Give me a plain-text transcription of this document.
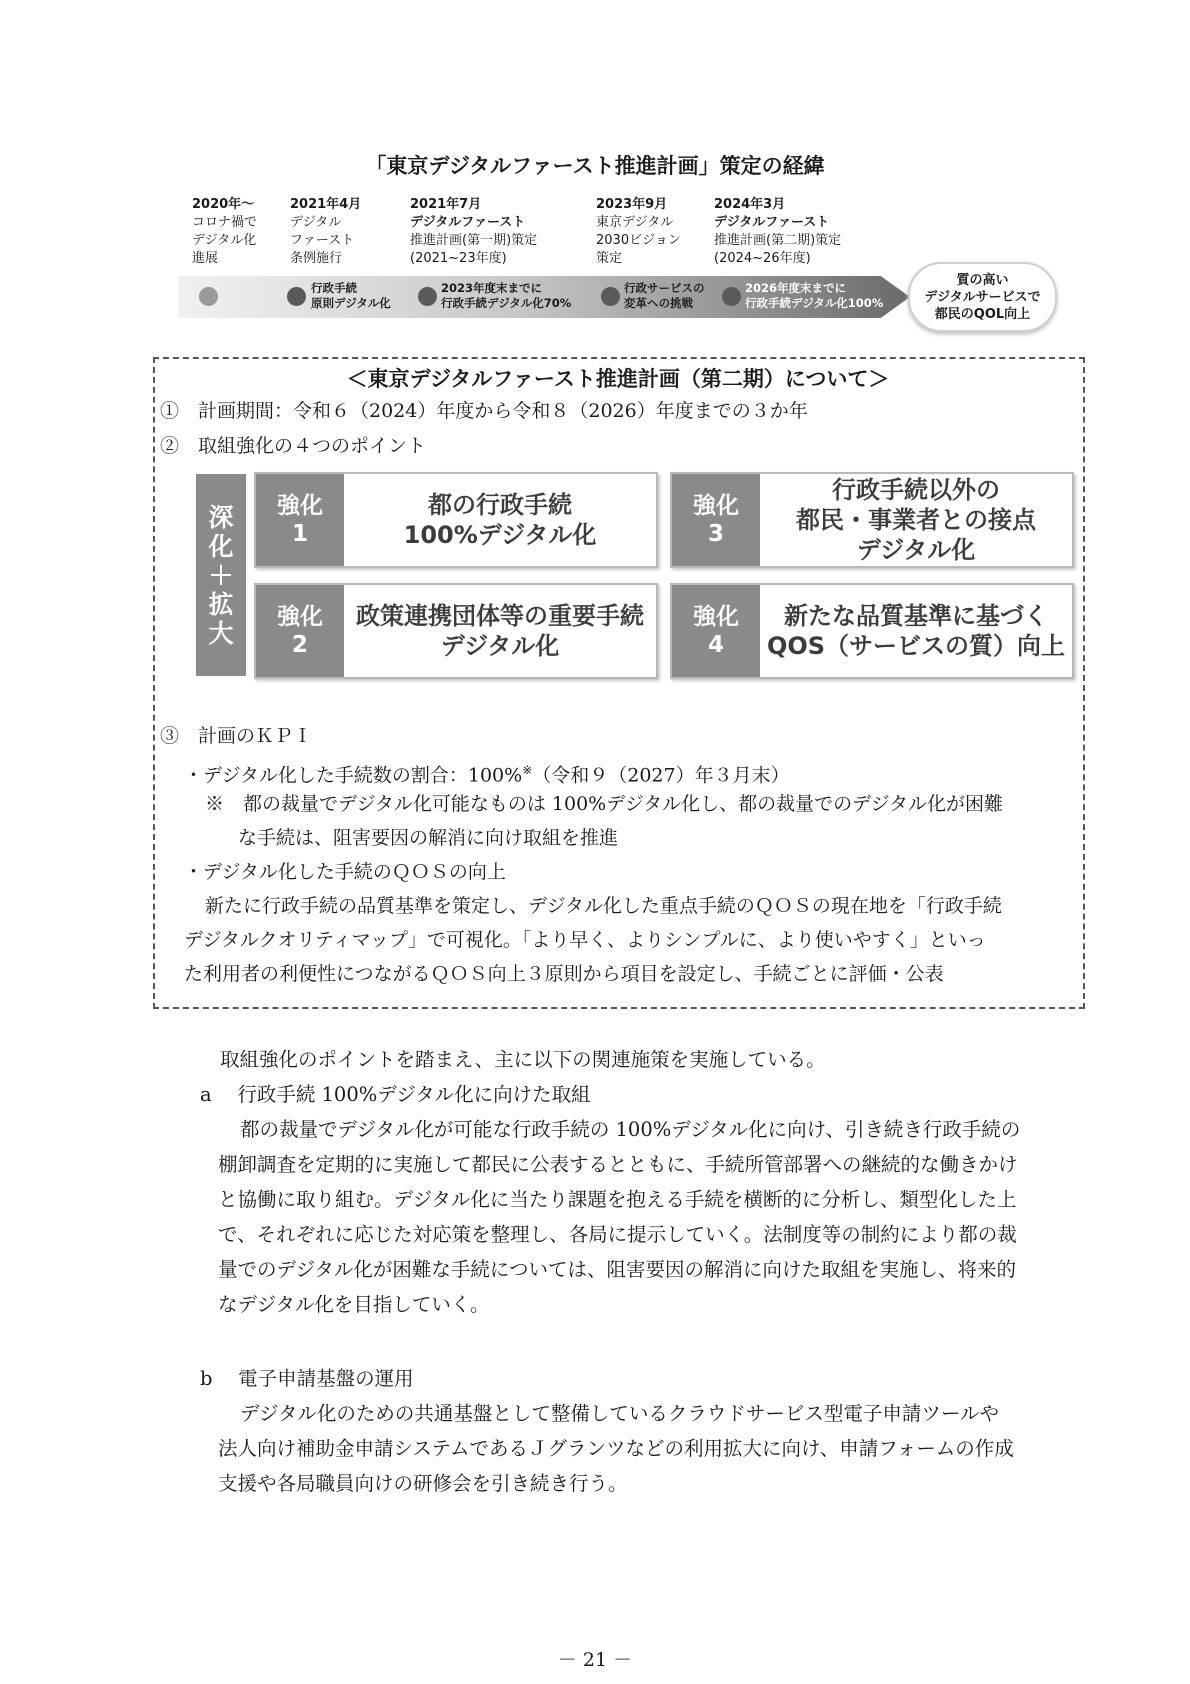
「東京デジタルファースト推進計画」策定の経緯
2020年～
コロナ禍で
デジタル化
進展
2021年4月
デジタル
ファースト
条例施行
2021年7月
デジタルファースト
推進計画(第一期)策定
(2021~23年度)
2023年9月
東京デジタル
2030ビジョン
策定
2024年3月
デジタルファースト
推進計画(第二期)策定
(2024~26年度)
行政手続
原則デジタル化
2023年度末までに
行政手続デジタル化70%
行政サービスの
変革への挑戦
2026年度末までに
行政手続デジタル化100%
質の高い
デジタルサービスで
都民のQOL向上
＜東京デジタルファースト推進計画（第二期）について＞
①　計画期間：令和６（2024）年度から令和８（2026）年度までの３か年
②　取組強化の４つのポイント
深
化
＋
拡
大
強化
1
都の行政手続
100%デジタル化
強化
2
政策連携団体等の重要手続
デジタル化
強化
3
行政手続以外の
都民・事業者との接点
デジタル化
強化
4
新たな品質基準に基づく
QOS（サービスの質）向上
③　計画のＫＰＩ
・デジタル化した手続数の割合：100%※（令和９（2027）年３月末）
※　都の裁量でデジタル化可能なものは 100%デジタル化し、都の裁量でのデジタル化が困難
な手続は、阻害要因の解消に向け取組を推進
・デジタル化した手続のＱＯＳの向上
新たに行政手続の品質基準を策定し、デジタル化した重点手続のＱＯＳの現在地を「行政手続
デジタルクオリティマップ」で可視化。「より早く、よりシンプルに、より使いやすく」といっ
た利用者の利便性につながるＱＯＳ向上３原則から項目を設定し、手続ごとに評価・公表
取組強化のポイントを踏まえ、主に以下の関連施策を実施している。
a　 行政手続 100%デジタル化に向けた取組
都の裁量でデジタル化が可能な行政手続の 100%デジタル化に向け、引き続き行政手続の
棚卸調査を定期的に実施して都民に公表するとともに、手続所管部署への継続的な働きかけ
と協働に取り組む。デジタル化に当たり課題を抱える手続を横断的に分析し、類型化した上
で、それぞれに応じた対応策を整理し、各局に提示していく。法制度等の制約により都の裁
量でのデジタル化が困難な手続については、阻害要因の解消に向けた取組を実施し、将来的
なデジタル化を目指していく。
b　 電子申請基盤の運用
デジタル化のための共通基盤として整備しているクラウドサービス型電子申請ツールや
法人向け補助金申請システムであるＪグランツなどの利用拡大に向け、申請フォームの作成
支援や各局職員向けの研修会を引き続き行う。
－ 21 －
